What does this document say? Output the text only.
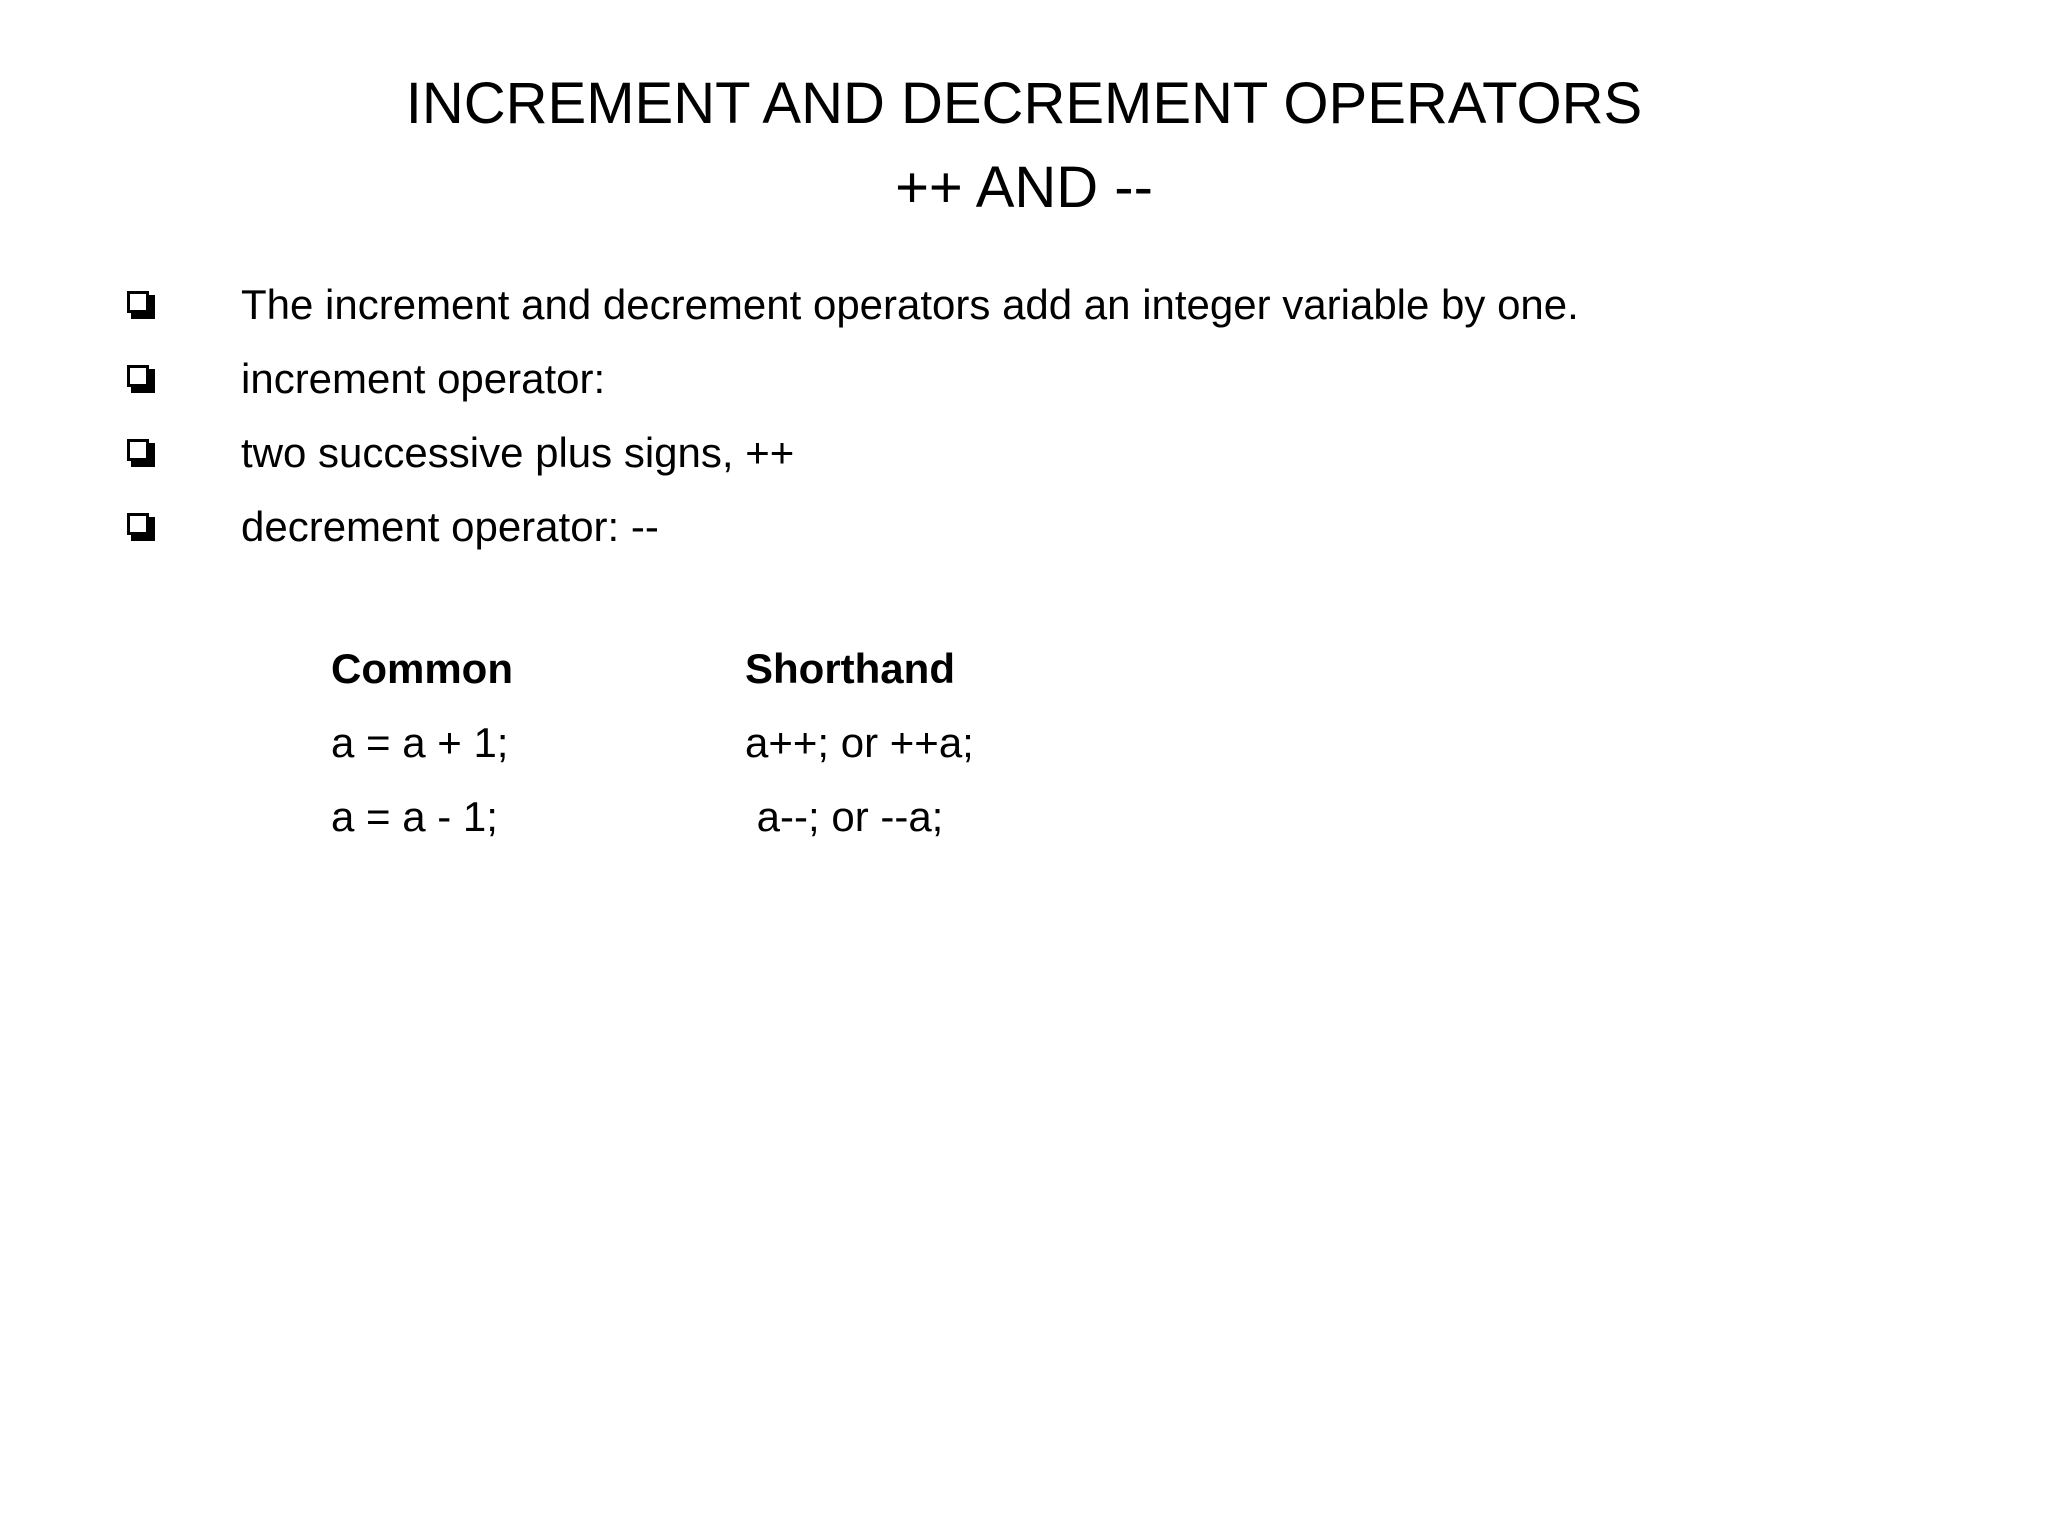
INCREMENT AND DECREMENT OPERATORS
++ AND --
The increment and decrement operators add an integer variable by one.
increment operator:
two successive plus signs, ++
decrement operator: --
Common	Shorthand
a = a + 1;	a++; or ++a;
a = a - 1;	a--; or --a;
